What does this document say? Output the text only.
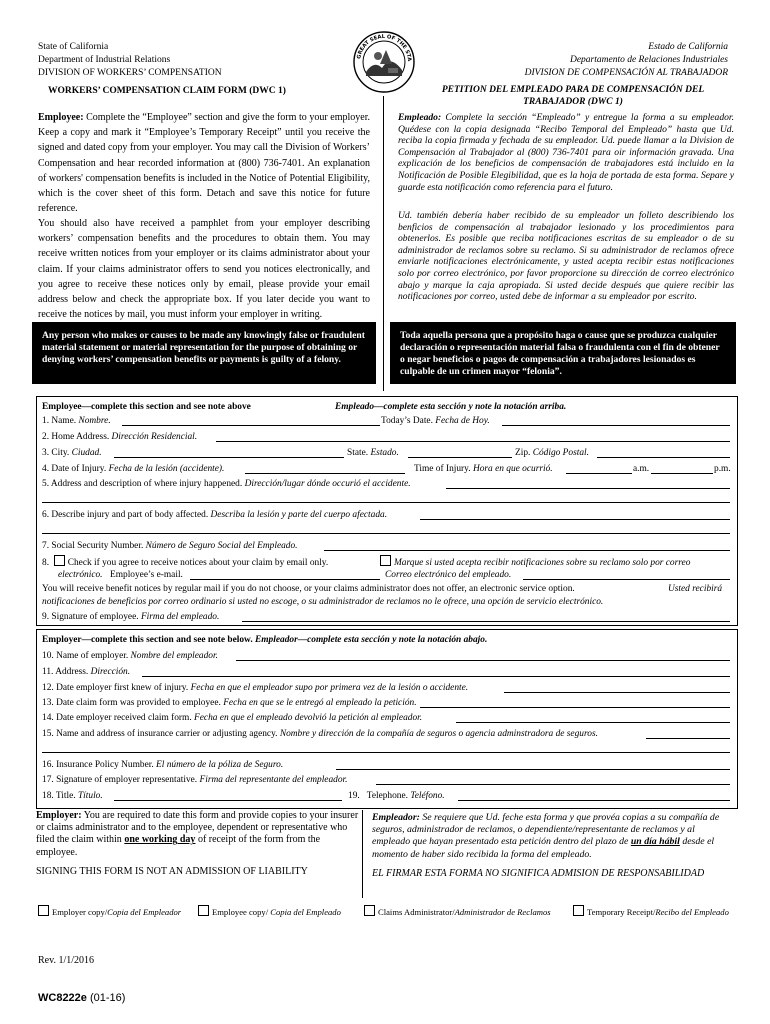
State of California
Department of Industrial Relations
DIVISION OF WORKERS’ COMPENSATION
WORKERS’ COMPENSATION CLAIM FORM (DWC 1)
GREAT SEAL OF THE STA
Estado de California
Departamento de Relaciones Industriales
DIVISION DE COMPENSACIÓN AL TRABAJADOR
PETITION DEL EMPLEADO PARA DE COMPENSACIÓN DEL
TRABAJADOR (DWC 1)
Employee: Complete the “Employee” section and give the form to your employer. Keep a copy and mark it “Employee’s Temporary Receipt” until you receive the signed and dated copy from your employer. You may call the Division of Workers’ Compensation and hear recorded information at (800) 736-7401. An explanation of workers' compensation benefits is included in the Notice of Potential Eligibility, which is the cover sheet of this form. Detach and save this notice for future reference.
You should also have received a pamphlet from your employer describing workers’ compensation benefits and the procedures to obtain them. You may receive written notices from your employer or its claims administrator about your claim. If your claims administrator offers to send you notices electronically, and you agree to receive these notices only by email, please provide your email address below and check the appropriate box. If you later decide you want to receive the notices by mail, you must inform your employer in writing.
Empleado: Complete la sección “Empleado” y entregue la forma a su empleador. Quédese con la copia designada “Recibo Temporal del Empleado” hasta que Ud. reciba la copia firmada y fechada de su empleador. Ud. puede llamar a la Division de Compensación al Trabajador al (800) 736-7401 para oir información gravada. Una explicación de los beneficios de compensación de trabajadores está incluido en la Notificación de Posible Elegibilidad, que es la hoja de portada de esta forma. Separe y guarde esta notificación como referencia para el futuro.
Ud. también debería haber recibido de su empleador un folleto describiendo los benficios de compensación al trabajador lesionado y los procedimientos para obtenerlos. Es posible que reciba notificaciones escritas de su empleador o de su administrador de reclamos sobre su reclamo. Si su administrador de reclamos ofrece enviarle notificaciones electrónicamente, y usted acepta recibir estas notificaciones solo por correo electrónico, por favor proporcione su dirección de correo electrónico abajo y marque la caja apropiada. Si usted decide después que quiere recibir las notificaciones por correo, usted debe de informar a su empleador por escrito.
Any person who makes or causes to be made any knowingly false or fraudulent material statement or material representation for the purpose of obtaining or denying workers’ compensation benefits or payments is guilty of a felony.
Toda aquella persona que a propósito haga o cause que se produzca cualquier declaración o representación material falsa o fraudulenta con el fin de obtener o negar beneficios o pagos de compensación a trabajadores lesionados es culpable de un crimen mayor “felonia”.
Employee—complete this section and see note above	Empleado—complete esta sección y note la notación arriba.
1. Name. Nombre.	Today’s Date. Fecha de Hoy.
2. Home Address. Dirección Residencial.
3. City. Ciudad.	State. Estado.	Zip. Código Postal.
4. Date of Injury. Fecha de la lesión (accidente).	Time of Injury. Hora en que ocurrió.	a.m.	p.m.
5. Address and description of where injury happened. Dirección/lugar dónde occurió el accidente.
6. Describe injury and part of body affected. Describa la lesión y parte del cuerpo afectada.
7. Social Security Number. Número de Seguro Social del Empleado.
8.  Check if you agree to receive notices about your claim by email only.	Marque si usted acepta recibir notificaciones sobre su reclamo solo por correo
electrónico. Employee’s e-mail.	Correo electrónico del empleado.
You will receive benefit notices by regular mail if you do not choose, or your claims administrator does not offer, an electronic service option.	Usted recibirá
notificaciones de beneficios por correo ordinario si usted no escoge, o su administrador de reclamos no le ofrece, una opción de servicio electrónico.
9. Signature of employee. Firma del empleado.
Employer—complete this section and see note below. Empleador—complete esta sección y note la notación abajo.
10. Name of employer. Nombre del empleador.
11. Address. Dirección.
12. Date employer first knew of injury. Fecha en que el empleador supo por primera vez de la lesión o accidente.
13. Date claim form was provided to employee. Fecha en que se le entregó al empleado la petición.
14. Date employer received claim form. Fecha en que el empleado devolvió la petición al empleador.
15. Name and address of insurance carrier or adjusting agency. Nombre y dirección de la compañía de seguros o agencia adminstradora de seguros.
16. Insurance Policy Number. El número de la póliza de Seguro.
17. Signature of employer representative. Firma del representante del empleador.
18. Title. Título.	19. Telephone. Teléfono.
Employer: You are required to date this form and provide copies to your insurer or claims administrator and to the employee, dependent or representative who filed the claim within one working day of receipt of the form from the employee.
SIGNING THIS FORM IS NOT AN ADMISSION OF LIABILITY
Empleador: Se requiere que Ud. feche esta forma y que provéa copias a su compañía de seguros, administrador de reclamos, o dependiente/representante de reclamos y al empleado que hayan presentado esta petición dentro del plazo de un día hábil desde el momento de haber sido recibida la forma del empleado.
EL FIRMAR ESTA FORMA NO SIGNIFICA ADMISION DE RESPONSABILIDAD
Employer copy/Copia del Empleador	Employee copy/ Copia del Empleado	Claims Administrator/Administrador de Reclamos	Temporary Receipt/Recibo del Empleado
Rev. 1/1/2016
WC8222e (01-16)
